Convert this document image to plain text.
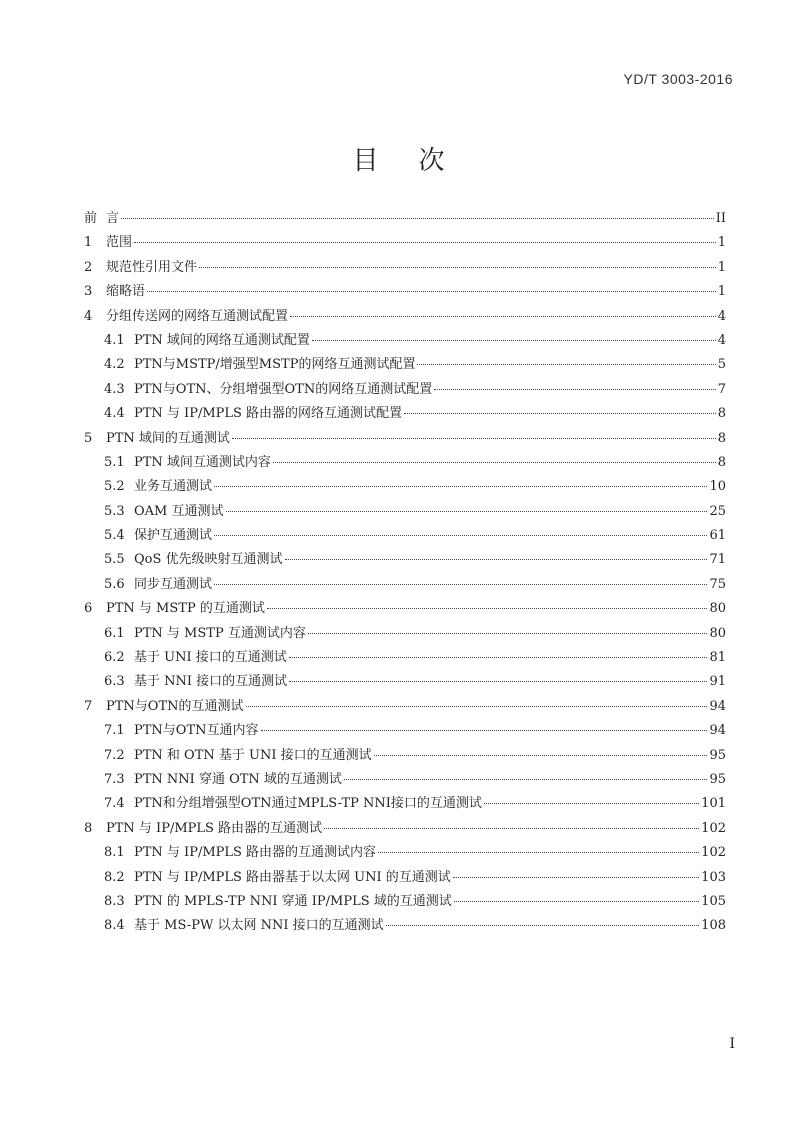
YD/T 3003-2016
目次
前 言	II
1	范围	1
2	规范性引用文件	1
3	缩略语	1
4	分组传送网的网络互通测试配置	4
4.1 PTN 域间的网络互通测试配置	4
4.2 PTN与MSTP/增强型MSTP的网络互通测试配置	5
4.3 PTN与OTN、分组增强型OTN的网络互通测试配置	7
4.4 PTN 与 IP/MPLS 路由器的网络互通测试配置	8
5	PTN 域间的互通测试	8
5.1 PTN 域间互通测试内容	8
5.2 业务互通测试	10
5.3 OAM 互通测试	25
5.4 保护互通测试	61
5.5 QoS 优先级映射互通测试	71
5.6 同步互通测试	75
6	PTN 与 MSTP 的互通测试	80
6.1 PTN 与 MSTP 互通测试内容	80
6.2 基于 UNI 接口的互通测试	81
6.3 基于 NNI 接口的互通测试	91
7	PTN与OTN的互通测试	94
7.1 PTN与OTN互通内容	94
7.2 PTN 和 OTN 基于 UNI 接口的互通测试	95
7.3 PTN NNI 穿通 OTN 域的互通测试	95
7.4 PTN和分组增强型OTN通过MPLS-TP NNI接口的互通测试	101
8	PTN 与 IP/MPLS 路由器的互通测试	102
8.1 PTN 与 IP/MPLS 路由器的互通测试内容	102
8.2 PTN 与 IP/MPLS 路由器基于以太网 UNI 的互通测试	103
8.3 PTN 的 MPLS-TP NNI 穿通 IP/MPLS 域的互通测试	105
8.4 基于 MS-PW 以太网 NNI 接口的互通测试	108
I
